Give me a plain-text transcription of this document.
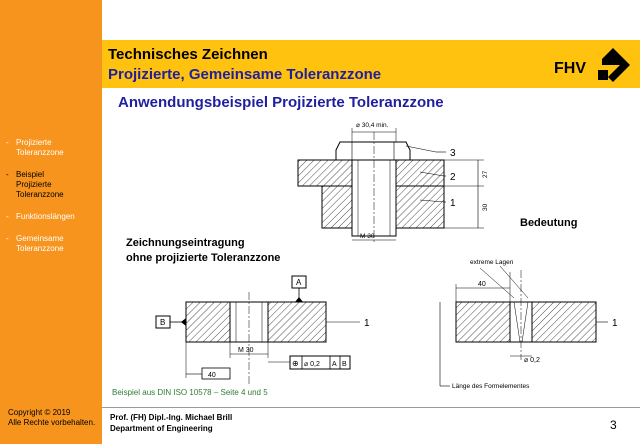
Technisches Zeichnen
Projizierte, Gemeinsame Toleranzzone	FHV
Anwendungsbeispiel Projizierte Toleranzzone
- Projizierte
Toleranzzone
- Beispiel
Projizierte
Toleranzzone
- Funktionslängen
- Gemeinsame
Toleranzzone
Bedeutung
Zeichnungseintragung
ohne projizierte Toleranzzone
⌀ 30,4 min.
M 30
27
30
3
2
1
A
B
M 30
40
1
⊕ ⌀ 0,2 A B
extreme Lagen
40
1
⌀ 0,2
Länge des Formelementes
Beispiel aus DIN ISO 10578 – Seite 4 und 5
Copyright © 2019
Alle Rechte vorbehalten.
Prof. (FH) Dipl.-Ing. Michael Brill
Department of Engineering	3
